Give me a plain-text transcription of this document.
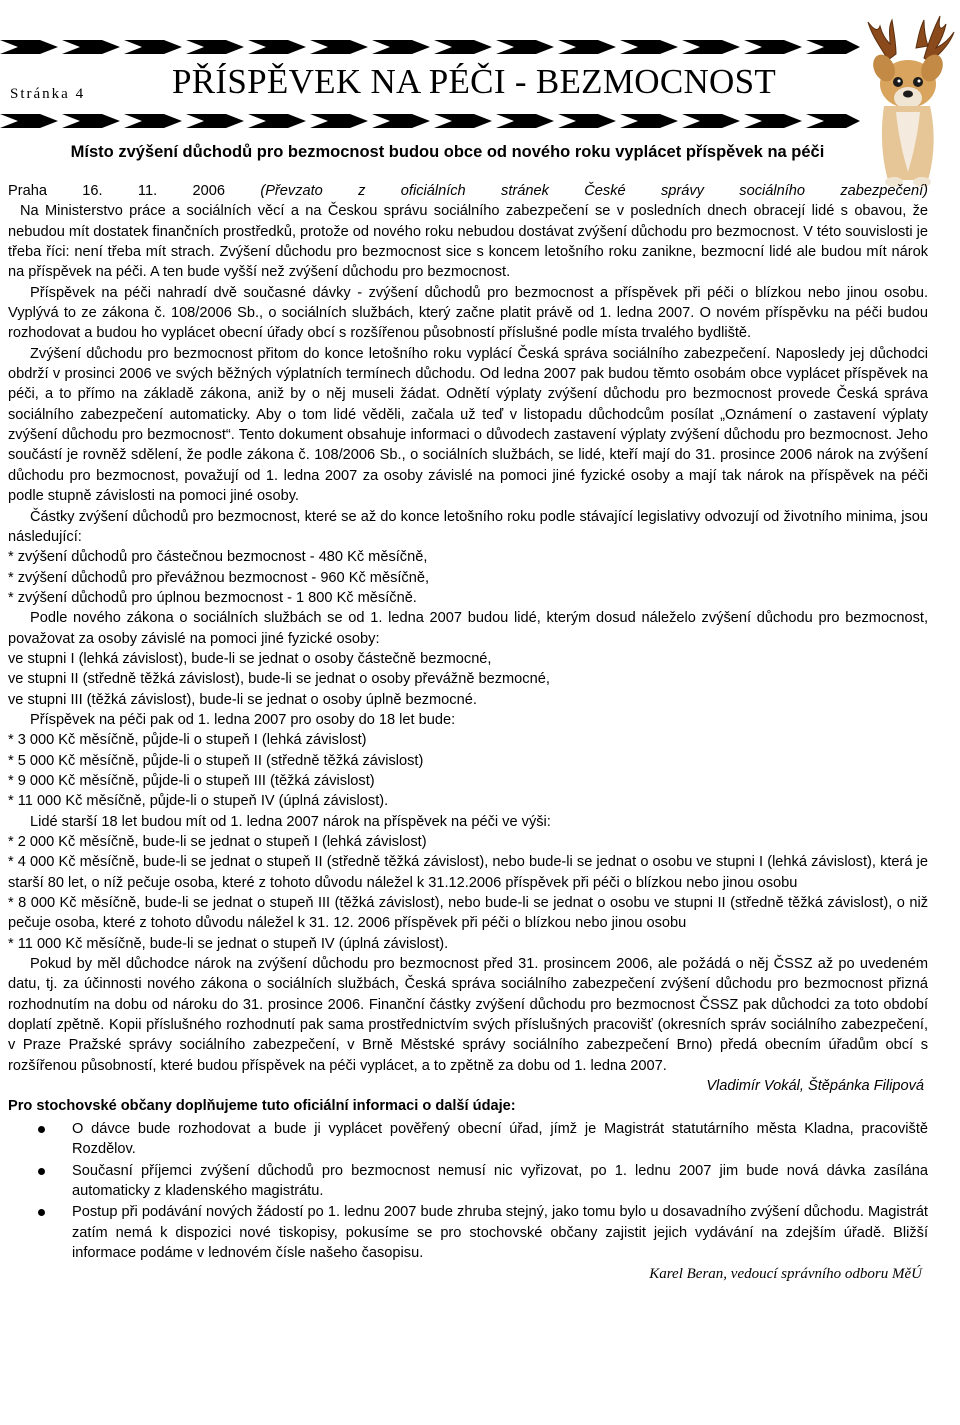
Stránka 4 PŘÍSPĚVEK NA PÉČI - BEZMOCNOST
Místo zvýšení důchodů pro bezmocnost budou obce od nového roku vyplácet příspěvek na péči

Praha 16. 11. 2006 (Převzato z oficiálních stránek České správy sociálního zabezpečení)

Na Ministerstvo práce a sociálních věcí a na Českou správu sociálního zabezpečení se v posledních dnech obracejí lidé s obavou, že nebudou mít dostatek finančních prostředků, protože od nového roku nebudou dostávat zvýšení důchodu pro bezmocnost. V této souvislosti je třeba říci: není třeba mít strach. Zvýšení důchodu pro bezmocnost sice s koncem letošního roku zanikne, bezmocní lidé ale budou mít nárok na příspěvek na péči. A ten bude vyšší než zvýšení důchodu pro bezmocnost.

Příspěvek na péči nahradí dvě současné dávky - zvýšení důchodů pro bezmocnost a příspěvek při péči o blízkou nebo jinou osobu. Vyplývá to ze zákona č. 108/2006 Sb., o sociálních službách, který začne platit právě od 1. ledna 2007. O novém příspěvku na péči budou rozhodovat a budou ho vyplácet obecní úřady obcí s rozšířenou působností příslušné podle místa trvalého bydliště.

Zvýšení důchodu pro bezmocnost přitom do konce letošního roku vyplácí Česká správa sociálního zabezpečení. Naposledy jej důchodci obdrží v prosinci 2006 ve svých běžných výplatních termínech důchodu. Od ledna 2007 pak budou těmto osobám obce vyplácet příspěvek na péči, a to přímo na základě zákona, aniž by o něj museli žádat. Odnětí výplaty zvýšení důchodu pro bezmocnost provede Česká správa sociálního zabezpečení automaticky. Aby o tom lidé věděli, začala už teď v listopadu důchodcům posílat „Oznámení o zastavení výplaty zvýšení důchodu pro bezmocnost“. Tento dokument obsahuje informaci o důvodech zastavení výplaty zvýšení důchodu pro bezmocnost. Jeho součástí je rovněž sdělení, že podle zákona č. 108/2006 Sb., o sociálních službách, se lidé, kteří mají do 31. prosince 2006 nárok na zvýšení důchodu pro bezmocnost, považují od 1. ledna 2007 za osoby závislé na pomoci jiné fyzické osoby a mají tak nárok na příspěvek na péči podle stupně závislosti na pomoci jiné osoby.

Částky zvýšení důchodů pro bezmocnost, které se až do konce letošního roku podle stávající legislativy odvozují od životního minima, jsou následující:

* zvýšení důchodů pro částečnou bezmocnost - 480 Kč měsíčně,

* zvýšení důchodů pro převážnou bezmocnost - 960 Kč měsíčně,

* zvýšení důchodů pro úplnou bezmocnost - 1 800 Kč měsíčně.

Podle nového zákona o sociálních službách se od 1. ledna 2007 budou lidé, kterým dosud náleželo zvýšení důchodu pro bezmocnost, považovat za osoby závislé na pomoci jiné fyzické osoby:

ve stupni I (lehká závislost), bude-li se jednat o osoby částečně bezmocné,

ve stupni II (středně těžká závislost), bude-li se jednat o osoby převážně bezmocné,

ve stupni III (těžká závislost), bude-li se jednat o osoby úplně bezmocné.

Příspěvek na péči pak od 1. ledna 2007 pro osoby do 18 let bude:

* 3 000 Kč měsíčně, půjde-li o stupeň I (lehká závislost)

* 5 000 Kč měsíčně, půjde-li o stupeň II (středně těžká závislost)

* 9 000 Kč měsíčně, půjde-li o stupeň III (těžká závislost)

* 11 000 Kč měsíčně, půjde-li o stupeň IV (úplná závislost).

Lidé starší 18 let budou mít od 1. ledna 2007 nárok na příspěvek na péči ve výši:

* 2 000 Kč měsíčně, bude-li se jednat o stupeň I (lehká závislost)

* 4 000 Kč měsíčně, bude-li se jednat o stupeň II (středně těžká závislost), nebo bude-li se jednat o osobu ve stupni I (lehká závislost), která je starší 80 let, o níž pečuje osoba, které z tohoto důvodu náležel k 31.12.2006 příspěvek při péči o blízkou nebo jinou osobu

* 8 000 Kč měsíčně, bude-li se jednat o stupeň III (těžká závislost), nebo bude-li se jednat o osobu ve stupni II (středně těžká závislost), o niž pečuje osoba, které z tohoto důvodu náležel k 31. 12. 2006 příspěvek při péči o blízkou nebo jinou osobu

* 11 000 Kč měsíčně, bude-li se jednat o stupeň IV (úplná závislost).

Pokud by měl důchodce nárok na zvýšení důchodu pro bezmocnost před 31. prosincem 2006, ale požádá o něj ČSSZ až po uvedeném datu, tj. za účinnosti nového zákona o sociálních službách, Česká správa sociálního zabezpečení zvýšení důchodu pro bezmocnost přizná rozhodnutím na dobu od nároku do 31. prosince 2006. Finanční částky zvýšení důchodu pro bezmocnost ČSSZ pak důchodci za toto období doplatí zpětně. Kopii příslušného rozhodnutí pak sama prostřednictvím svých příslušných pracovišť (okresních správ sociálního zabezpečení, v Praze Pražské správy sociálního zabezpečení, v Brně Městské správy sociálního zabezpečení Brno) předá obecním úřadům obcí s rozšířenou působností, které budou příspěvek na péči vyplácet, a to zpětně za dobu od 1. ledna 2007.

Vladimír Vokál, Štěpánka Filipová

Pro stochovské občany doplňujeme tuto oficiální informaci o další údaje:

O dávce bude rozhodovat a bude ji vyplácet pověřený obecní úřad, jímž je Magistrát statutárního města Kladna, pracoviště Rozdělov.
Současní příjemci zvýšení důchodů pro bezmocnost nemusí nic vyřizovat, po 1. lednu 2007 jim bude nová dávka zasílána automaticky z kladenského magistrátu.
Postup při podávání nových žádostí po 1. lednu 2007 bude zhruba stejný, jako tomu bylo u dosavadního zvýšení důchodu. Magistrát zatím nemá k dispozici nové tiskopisy, pokusíme se pro stochovské občany zajistit jejich vydávání na zdejším úřadě. Bližší informace podáme v lednovém čísle našeho časopisu.

Karel Beran, vedoucí správního odboru MěÚ
